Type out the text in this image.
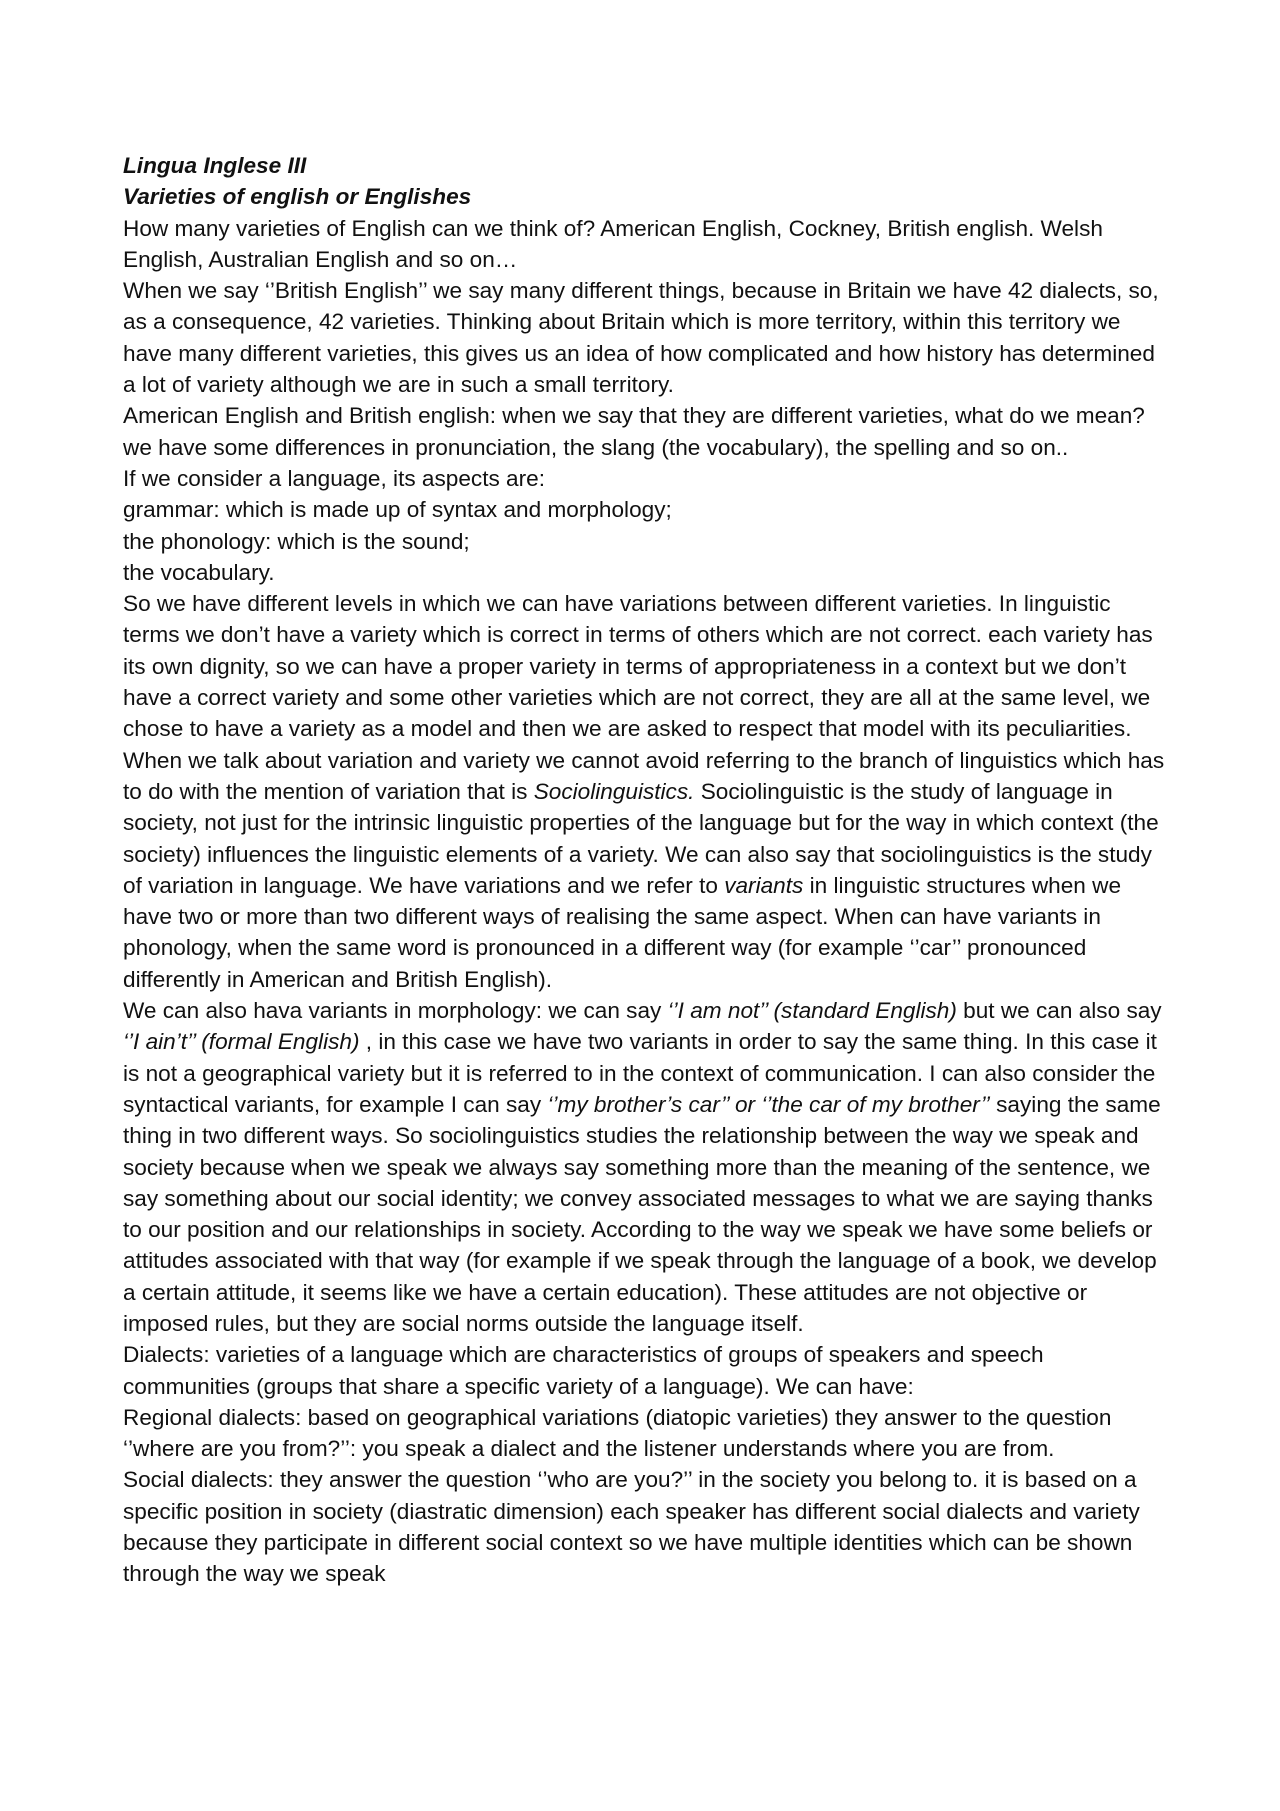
Lingua Inglese III

Varieties of english or Englishes

How many varieties of English can we think of? American English, Cockney, British english. Welsh English, Australian English and so on…

When we say ‘’British English’’ we say many different things, because in Britain we have 42 dialects, so, as a consequence, 42 varieties. Thinking about Britain which is more territory, within this territory we have many different varieties, this gives us an idea of how complicated and how history has determined a lot of variety although we are in such a small territory.

American English and British english: when we say that they are different varieties, what do we mean? we have some differences in pronunciation, the slang (the vocabulary), the spelling and so on..

If we consider a language, its aspects are:

grammar: which is made up of syntax and morphology;

the phonology: which is the sound;

the vocabulary.

So we have different levels in which we can have variations between different varieties. In linguistic terms we don’t have a variety which is correct in terms of others which are not correct. each variety has its own dignity, so we can have a proper variety in terms of appropriateness in a context but we don’t have a correct variety and some other varieties which are not correct, they are all at the same level, we chose to have a variety as a model and then we are asked to respect that model with its peculiarities.

When we talk about variation and variety we cannot avoid referring to the branch of linguistics which has to do with the mention of variation that is Sociolinguistics. Sociolinguistic is the study of language in society, not just for the intrinsic linguistic properties of the language but for the way in which context (the society) influences the linguistic elements of a variety. We can also say that sociolinguistics is the study of variation in language. We have variations and we refer to variants in linguistic structures when we have two or more than two different ways of realising the same aspect. When can have variants in phonology, when the same word is pronounced in a different way (for example ‘’car’’ pronounced differently in American and British English).

We can also hava variants in morphology: we can say ‘’I am not’’ (standard English) but we can also say ‘’I ain’t’’ (formal English) , in this case we have two variants in order to say the same thing. In this case it is not a geographical variety but it is referred to in the context of communication. I can also consider the syntactical variants, for example I can say ‘’my brother’s car’’ or ‘’the car of my brother’’ saying the same thing in two different ways. So sociolinguistics studies the relationship between the way we speak and society because when we speak we always say something more than the meaning of the sentence, we say something about our social identity; we convey associated messages to what we are saying thanks to our position and our relationships in society. According to the way we speak we have some beliefs or attitudes associated with that way (for example if we speak through the language of a book, we develop a certain attitude, it seems like we have a certain education). These attitudes are not objective or imposed rules, but they are social norms outside the language itself.

Dialects: varieties of a language which are characteristics of groups of speakers and speech communities (groups that share a specific variety of a language). We can have:

Regional dialects: based on geographical variations (diatopic varieties) they answer to the question ‘’where are you from?’’: you speak a dialect and the listener understands where you are from.

Social dialects: they answer the question ‘’who are you?’’ in the society you belong to. it is based on a specific position in society (diastratic dimension) each speaker has different social dialects and variety because they participate in different social context so we have multiple identities which can be shown through the way we speak
